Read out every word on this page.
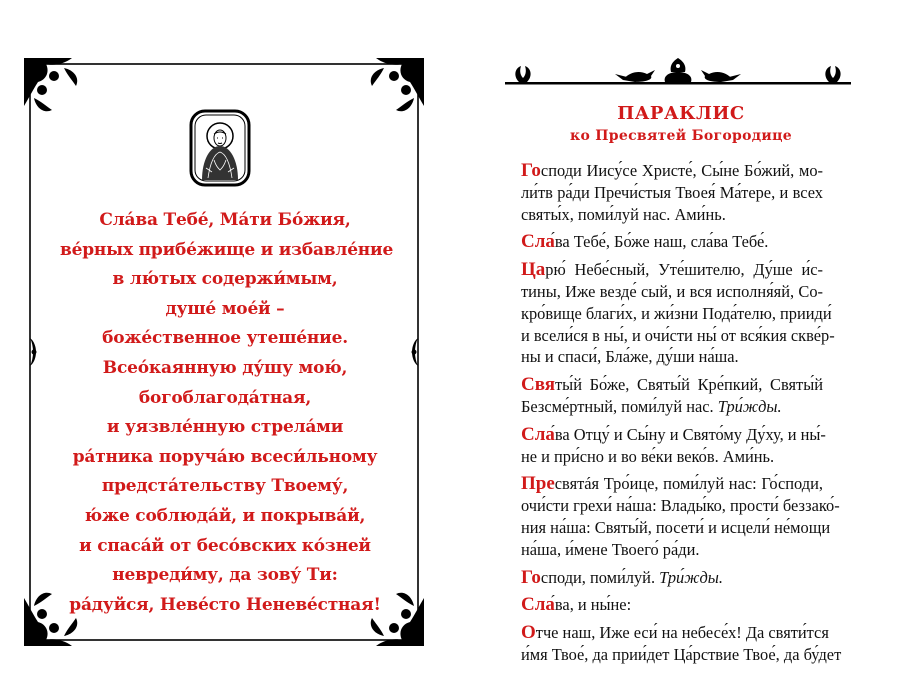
Сла́ва Тебе́, Ма́ти Бо́жия,
ве́рных прибе́жище и избавле́ние
в лю́тых содержи́мым,
душе́ мое́й –
боже́ственное утеше́ние.
Всео́каянную ду́шу мою́,
богоблагода́тная,
и уязвле́нную стрела́ми
ра́тника поруча́ю всеси́льному
предста́тельству Твоему́,
ю́же соблюда́й, и покрыва́й,
и спаса́й от бесо́вских ко́зней
невреди́му, да зову́ Ти:
ра́дуйся, Неве́сто Неневе́стная!
ПАРАКЛИС
ко Пресвятей Богородице
Господи Иису́се Христе́, Сы́не Бо́жий, мо-
ли́тв ра́ди Пречи́стыя Твоея́ Ма́тере, и всех
святы́х, поми́луй нас. Ами́нь.
Сла́ва Тебе́, Бо́же наш, сла́ва Тебе́.
Царю́ Небе́сный, Уте́шителю, Ду́ше и́с-
тины, Иже везде́ сый, и вся исполня́яй, Со-
кро́вище благи́х, и жи́зни Пода́телю, прииди́
и всели́ся в ны́, и очи́сти ны́ от вся́кия скве́р-
ны и спаси́, Бла́же, ду́ши на́ша.
Святы́й Бо́же, Святы́й Кре́пкий, Святы́й
Безсме́ртный, поми́луй нас. Три́жды.
Сла́ва Отцу́ и Сы́ну и Свято́му Ду́ху, и ны́-
не и при́сно и во ве́ки веко́в. Ами́нь.
Пресвятáя Тро́ице, поми́луй нас: Го́споди,
очи́сти грехи́ на́ша: Влады́ко, прости́ беззако́-
ния на́ша: Святы́й, посети́ и исцели́ не́мощи
на́ша, и́мене Твоего́ ра́ди.
Господи, поми́луй. Три́жды.
Сла́ва, и ны́не:
Отче наш, Иже еси́ на небесе́х! Да святи́тся
и́мя Твое́, да прии́дет Ца́рствие Твое́, да бу́дет
